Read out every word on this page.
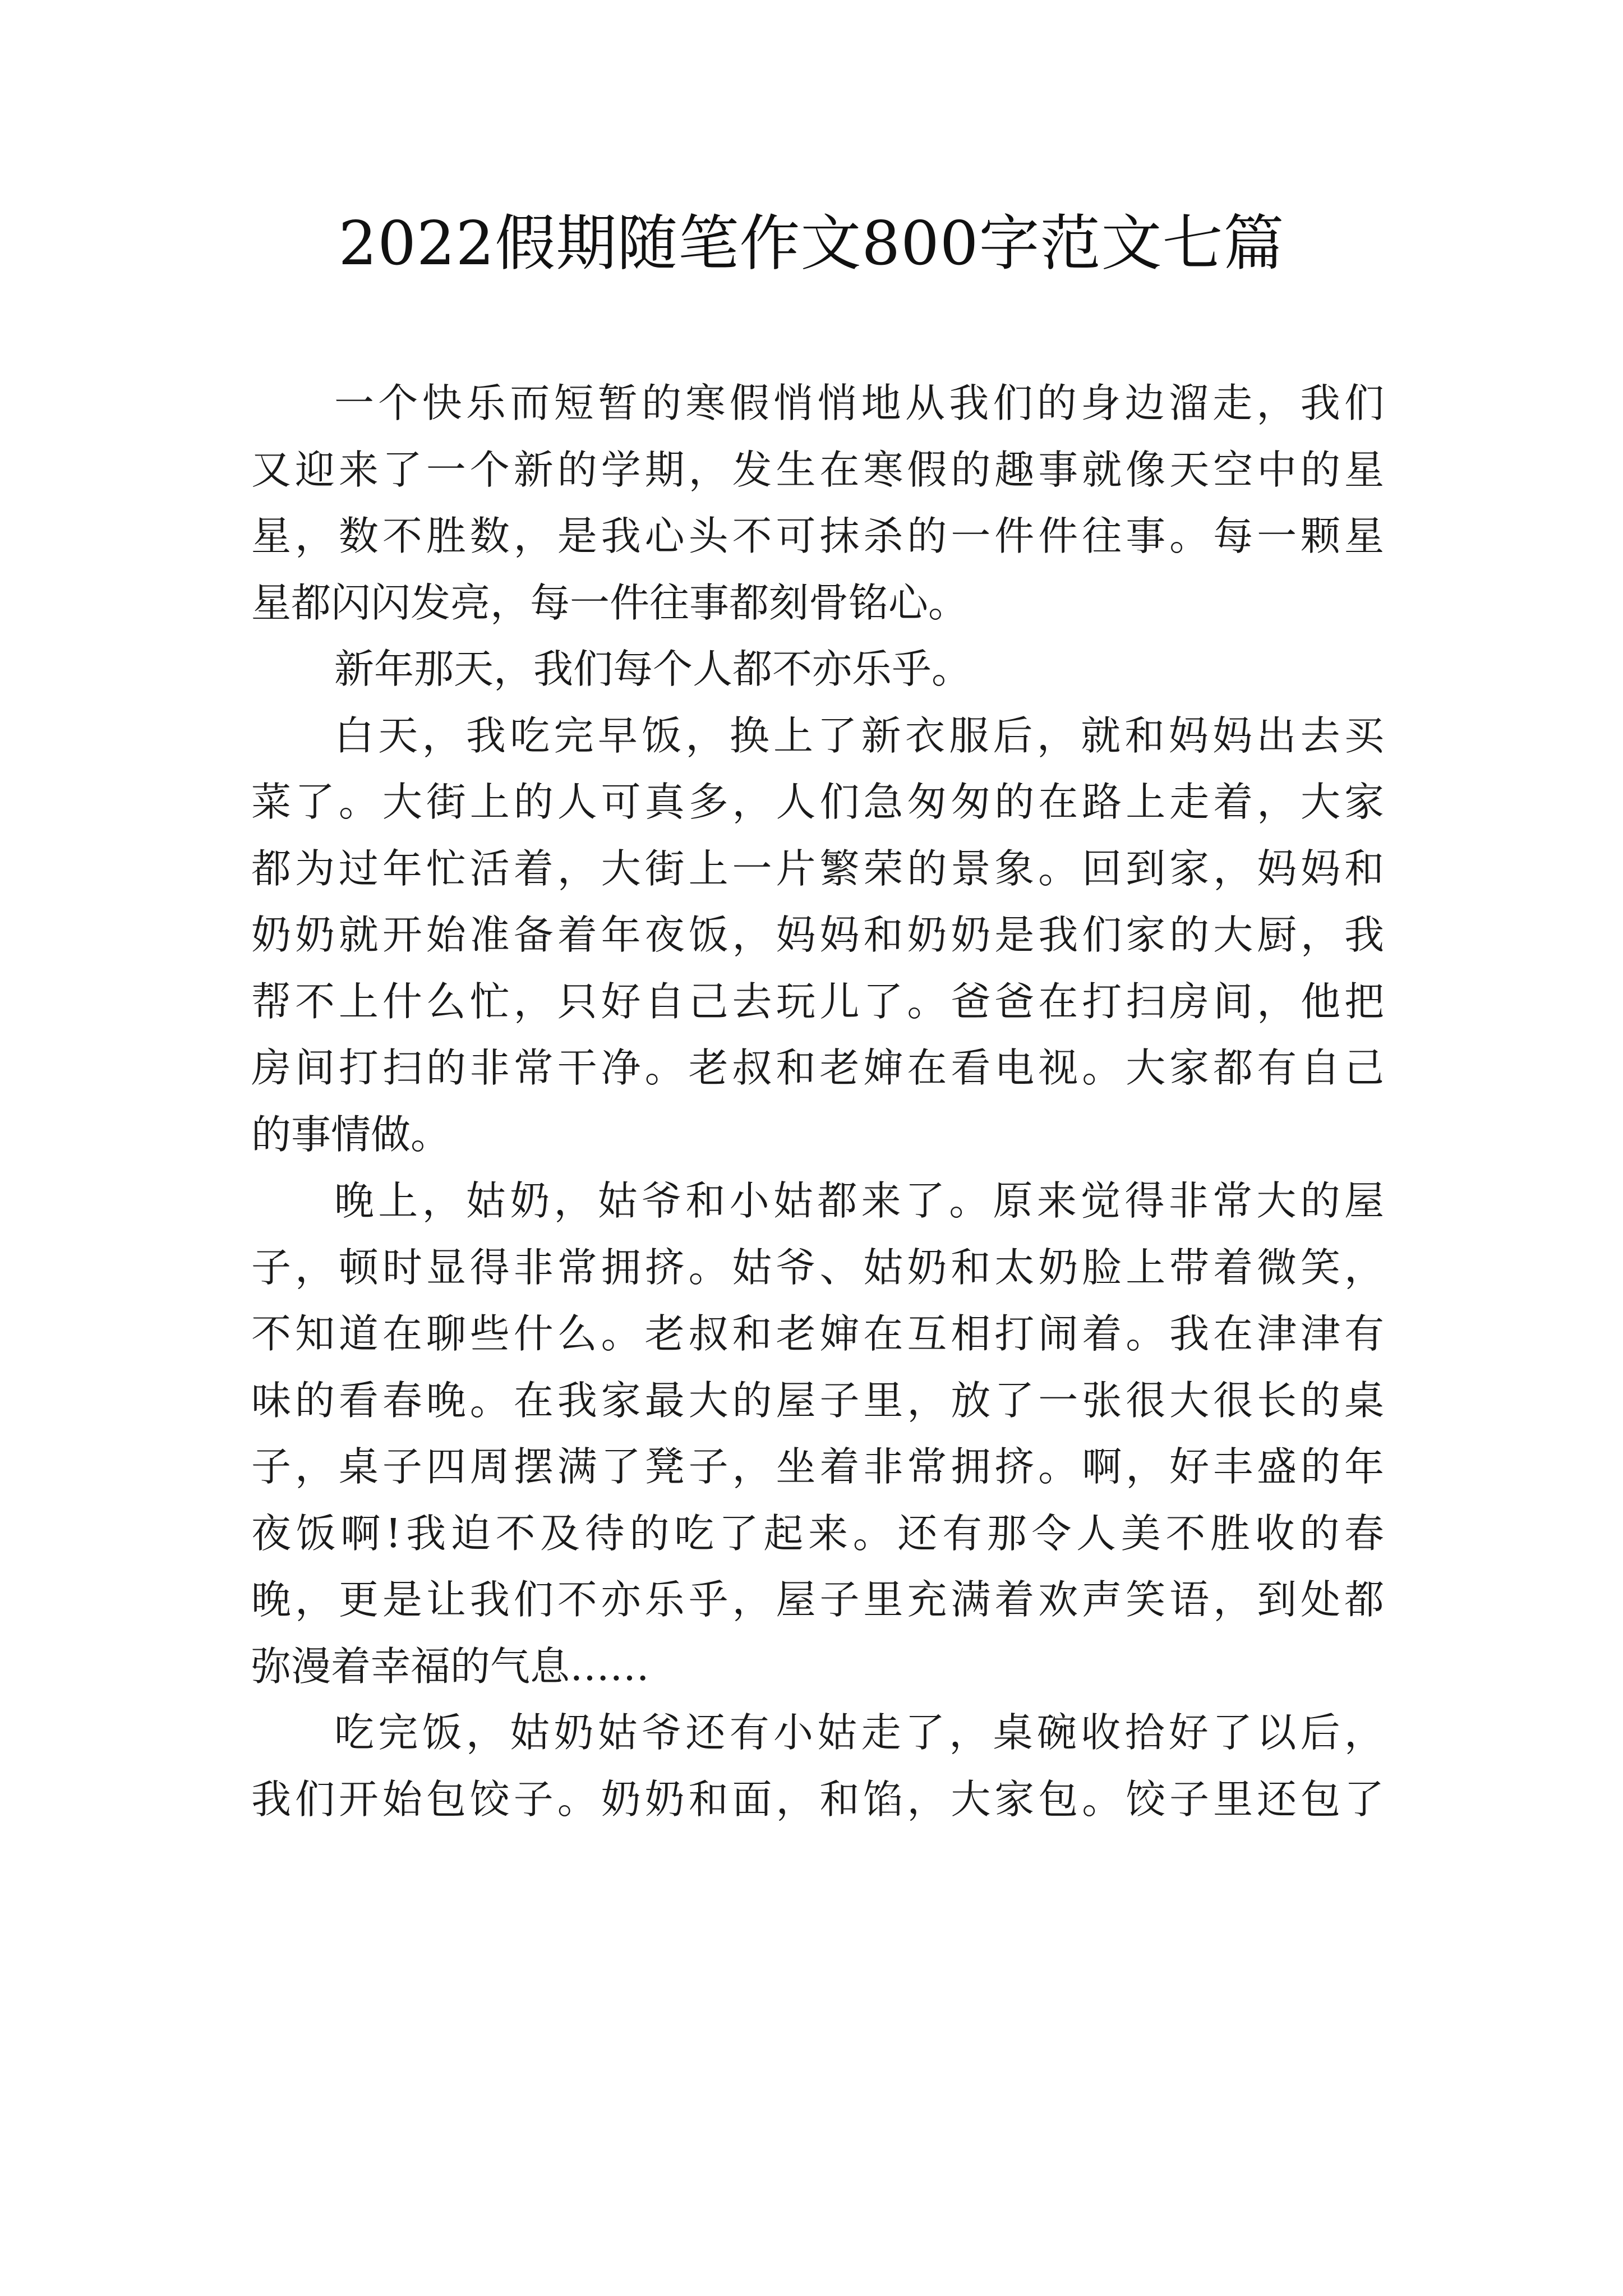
2022假期随笔作文800字范文七篇
一个快乐而短暂的寒假悄悄地从我们的身边溜走，我们
又迎来了一个新的学期，发生在寒假的趣事就像天空中的星
星，数不胜数，是我心头不可抹杀的一件件往事。每一颗星
星都闪闪发亮，每一件往事都刻骨铭心。
新年那天，我们每个人都不亦乐乎。
白天，我吃完早饭，换上了新衣服后，就和妈妈出去买
菜了。大街上的人可真多，人们急匆匆的在路上走着，大家
都为过年忙活着，大街上一片繁荣的景象。回到家，妈妈和
奶奶就开始准备着年夜饭，妈妈和奶奶是我们家的大厨，我
帮不上什么忙，只好自己去玩儿了。爸爸在打扫房间，他把
房间打扫的非常干净。老叔和老婶在看电视。大家都有自己
的事情做。
晚上，姑奶，姑爷和小姑都来了。原来觉得非常大的屋
子，顿时显得非常拥挤。姑爷、姑奶和太奶脸上带着微笑，
不知道在聊些什么。老叔和老婶在互相打闹着。我在津津有
味的看春晚。在我家最大的屋子里，放了一张很大很长的桌
子，桌子四周摆满了凳子，坐着非常拥挤。啊，好丰盛的年
夜饭啊!我迫不及待的吃了起来。还有那令人美不胜收的春
晚，更是让我们不亦乐乎，屋子里充满着欢声笑语，到处都
弥漫着幸福的气息……
吃完饭，姑奶姑爷还有小姑走了，桌碗收拾好了以后，
我们开始包饺子。奶奶和面，和馅，大家包。饺子里还包了
